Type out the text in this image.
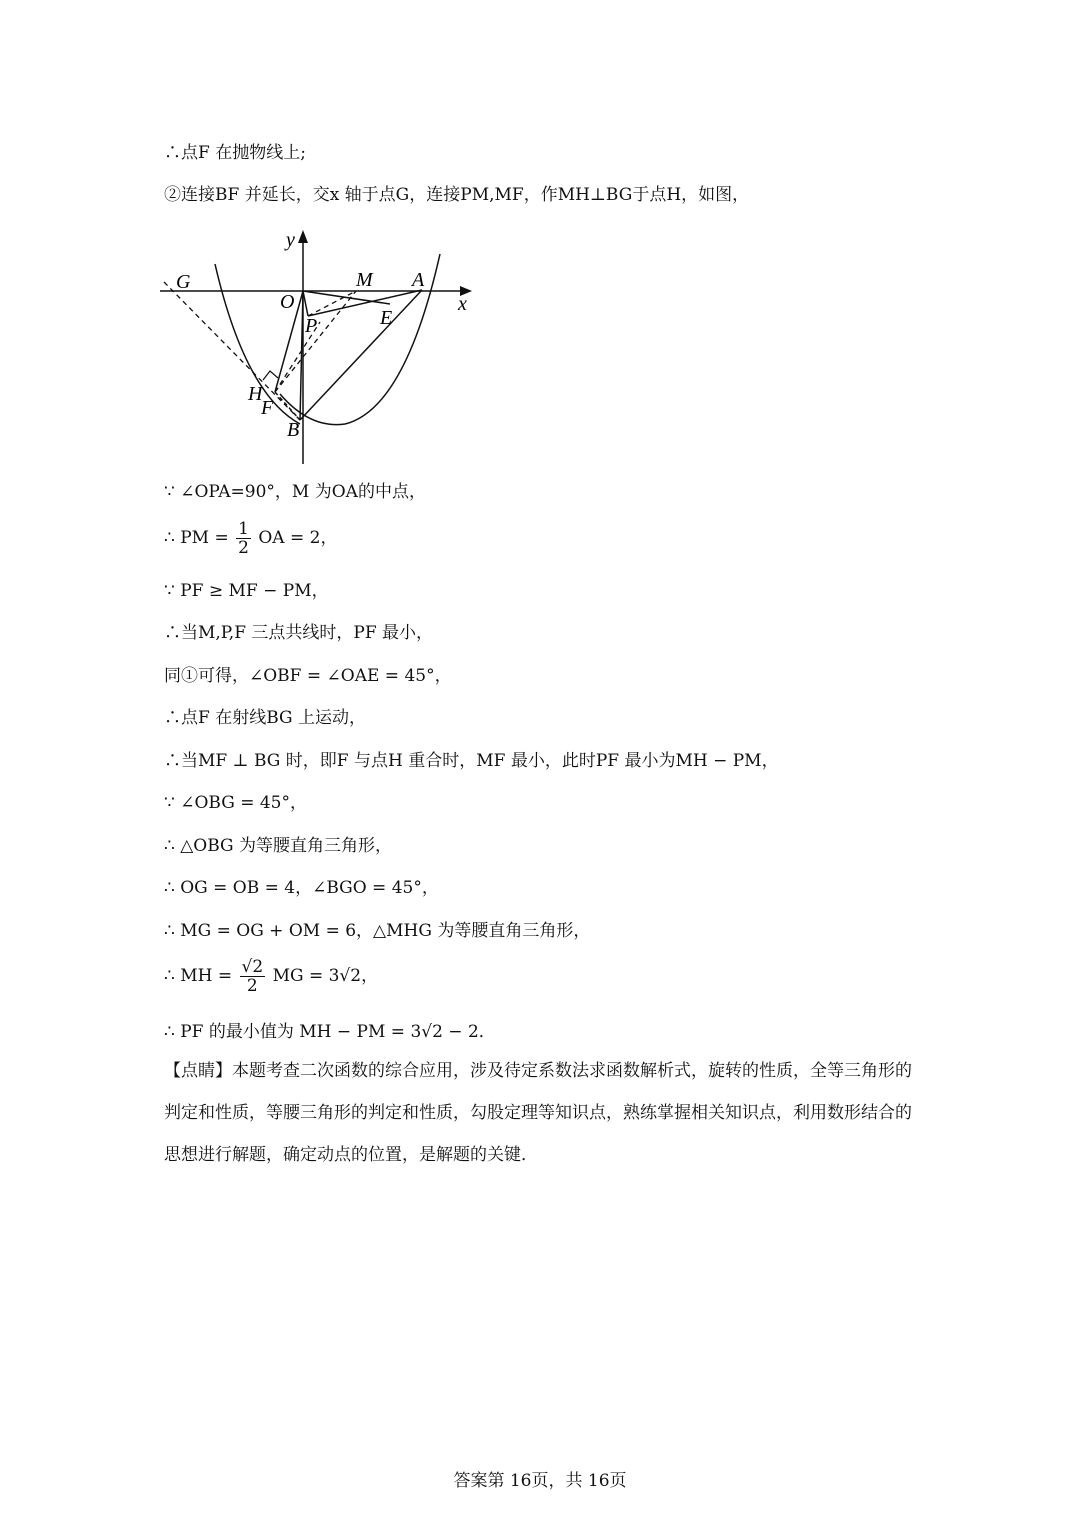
∴点F 在抛物线上;
②连接BF 并延长，交x 轴于点G，连接PM,MF，作MH⊥BG于点H，如图，
y
x
G	M A
O
P	E
H
F
B
∵ ∠OPA=90°，M 为OA的中点，
∴ PM = $\frac{1}{2}$ OA = 2，
∵ PF ≥ MF − PM，
∴当M,P,F 三点共线时，PF 最小，
同①可得，∠OBF = ∠OAE = 45°，
∴点F 在射线BG 上运动，
∴当MF ⊥ BG 时，即F 与点H 重合时，MF 最小，此时PF 最小为MH − PM，
∵ ∠OBG = 45°，
∴ △OBG 为等腰直角三角形，
∴ OG = OB = 4，∠BGO = 45°，
∴ MG = OG + OM = 6，△MHG 为等腰直角三角形，
∴ MH = $\frac{√2}{2}$ MG = 3√2，
∴ PF 的最小值为 MH − PM = 3√2 − 2．
【点睛】本题考查二次函数的综合应用，涉及待定系数法求函数解析式，旋转的性质，全等三角形的判定和性质，等腰三角形的判定和性质，勾股定理等知识点，熟练掌握相关知识点，利用数形结合的思想进行解题，确定动点的位置，是解题的关键．
答案第 16页，共 16页
